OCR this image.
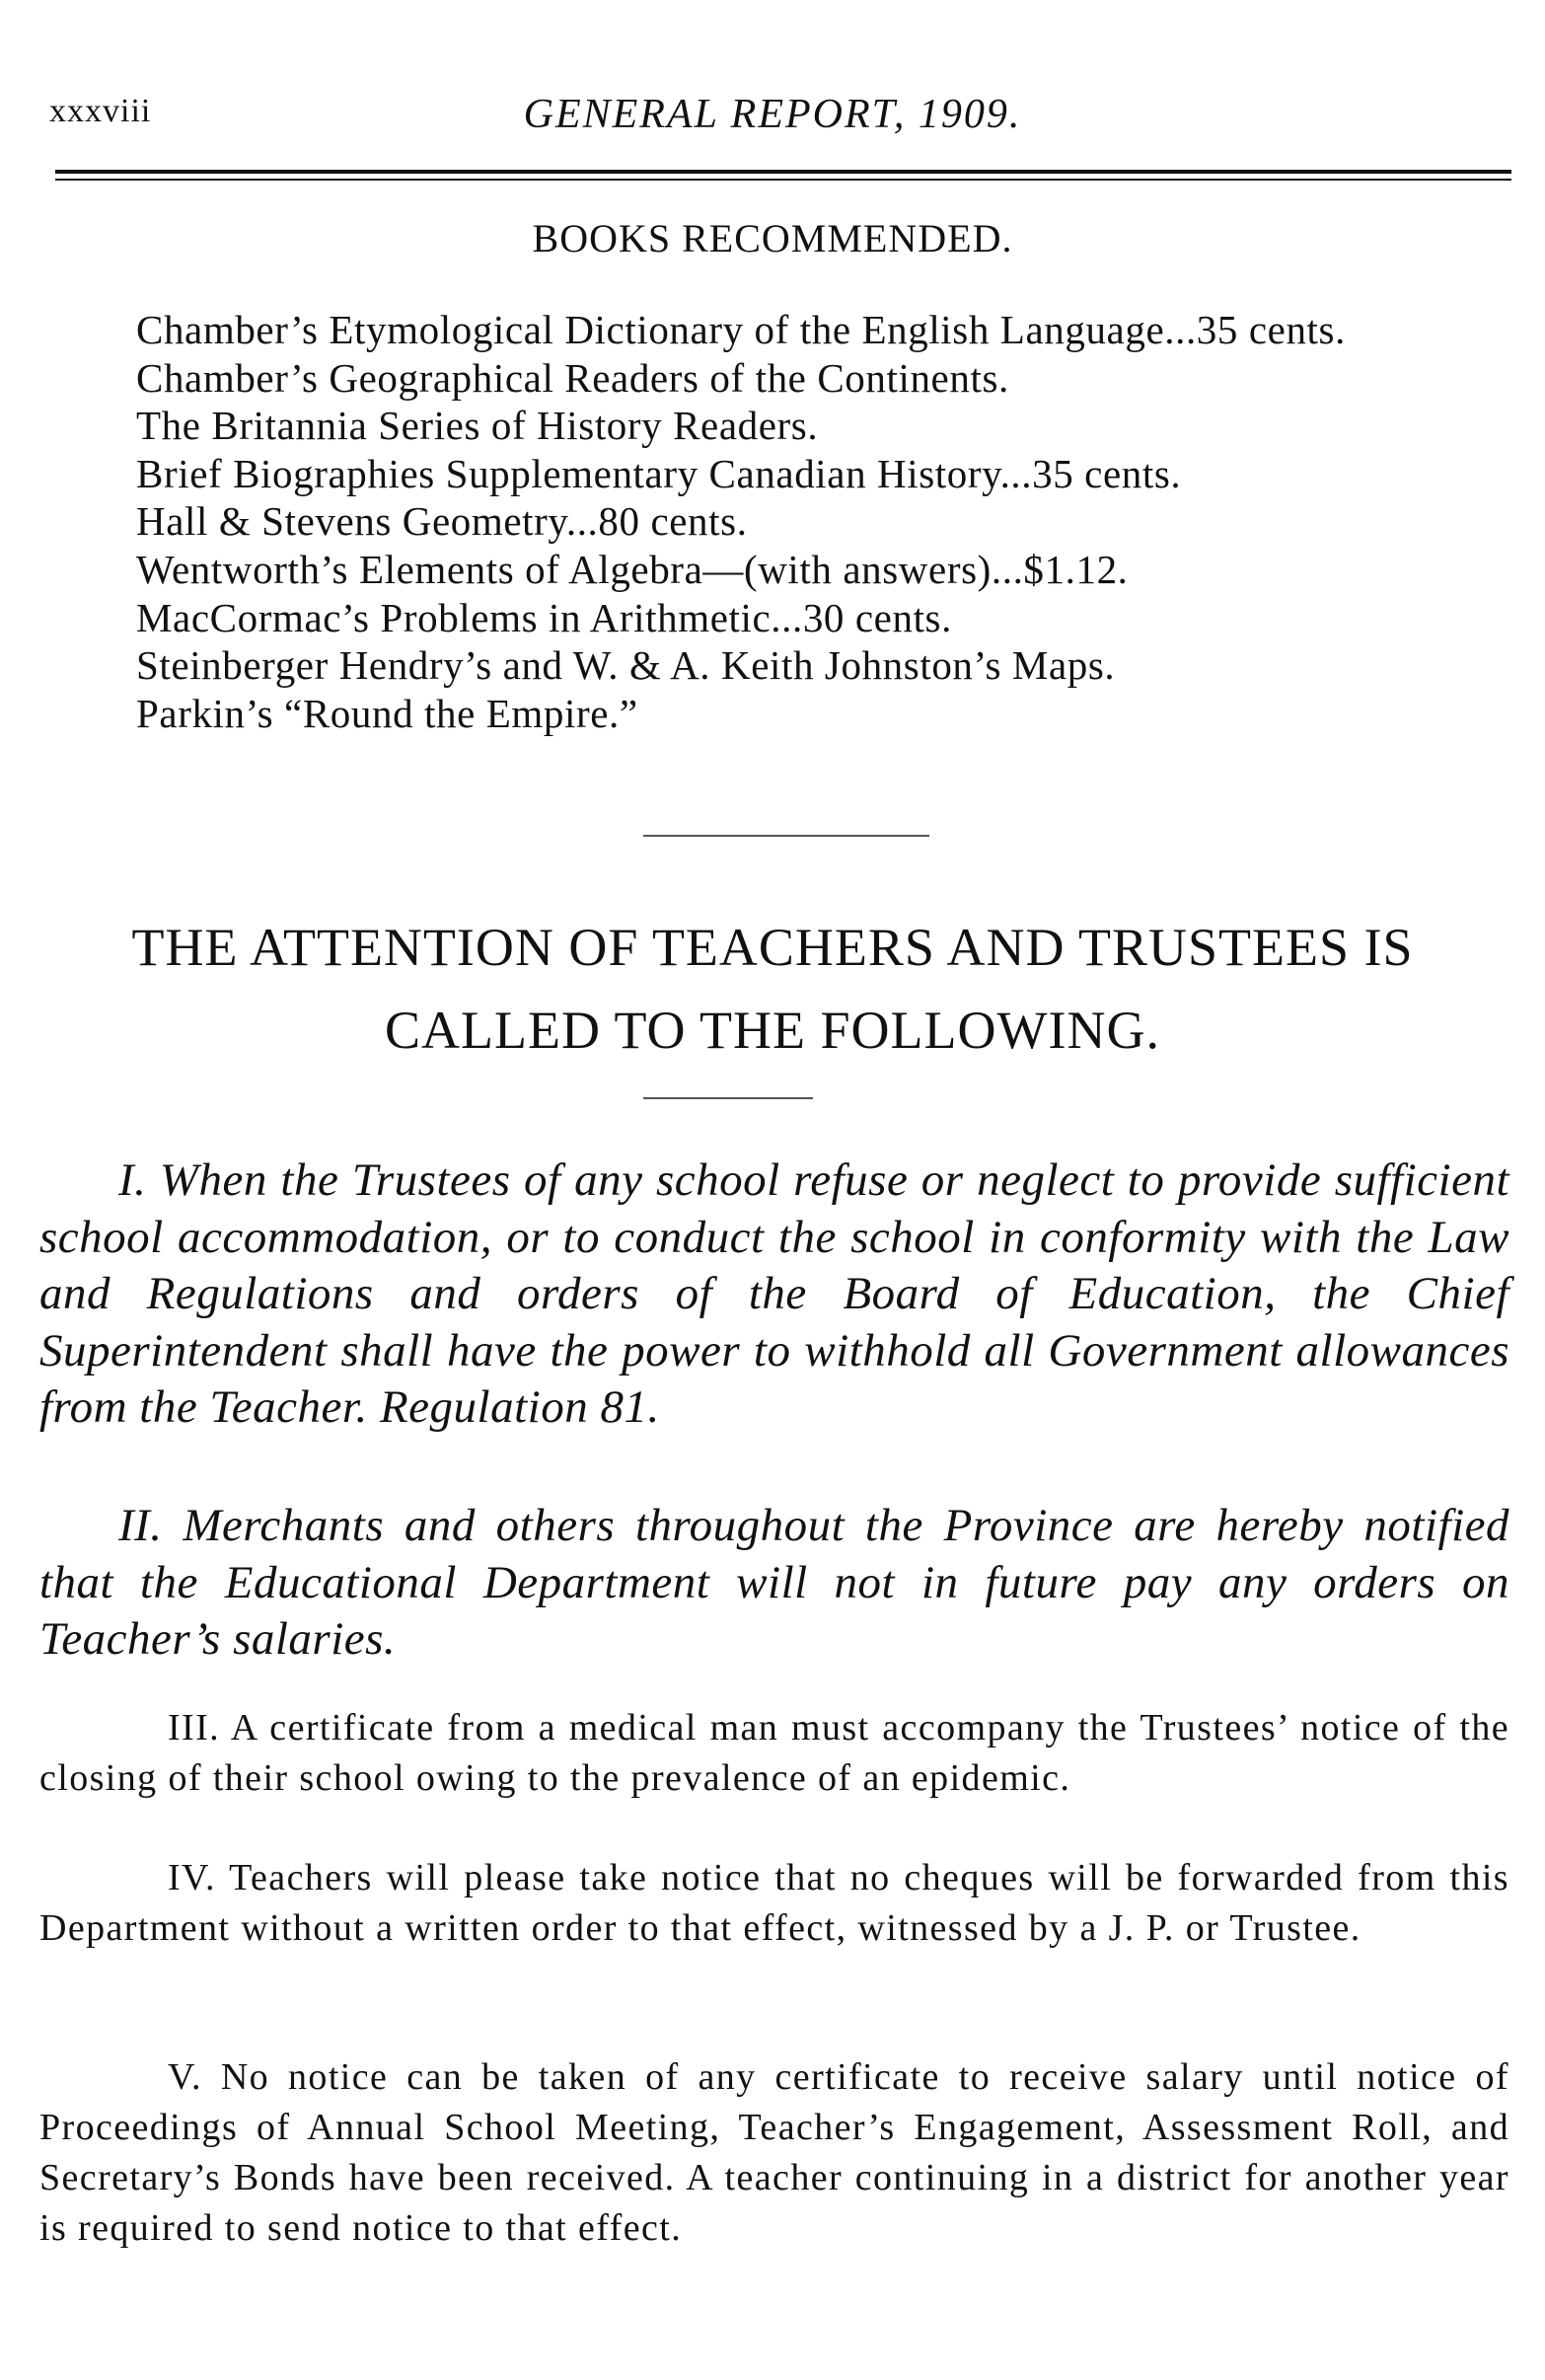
xxxviii	GENERAL REPORT, 1909.
BOOKS RECOMMENDED.
Chamber’s Etymological Dictionary of the English Language...35 cents.
Chamber’s Geographical Readers of the Continents.
The Britannia Series of History Readers.
Brief Biographies Supplementary Canadian History...35 cents.
Hall & Stevens Geometry...80 cents.
Wentworth’s Elements of Algebra—(with answers)...$1.12.
MacCormac’s Problems in Arithmetic...30 cents.
Steinberger Hendry’s and W. & A. Keith Johnston’s Maps.
Parkin’s “Round the Empire.”
THE ATTENTION OF TEACHERS AND TRUSTEES IS
CALLED TO THE FOLLOWING.

I. When the Trustees of any school refuse or neglect to provide sufficient school accommodation, or to conduct the school in conformity with the Law and Regulations and orders of the Board of Education, the Chief Superintendent shall have the power to withhold all Government allowances from the Teacher. Regulation 81.

II. Merchants and others throughout the Province are hereby notified that the Educational Department will not in future pay any orders on Teacher’s salaries.

III. A certificate from a medical man must accompany the Trustees’ notice of the closing of their school owing to the prevalence of an epidemic.

IV. Teachers will please take notice that no cheques will be forwarded from this Department without a written order to that effect, witnessed by a J. P. or Trustee.

V. No notice can be taken of any certificate to receive salary until notice of Proceedings of Annual School Meeting, Teacher’s Engagement, Assessment Roll, and Secretary’s Bonds have been received. A teacher continuing in a district for another year is required to send notice to that effect.
